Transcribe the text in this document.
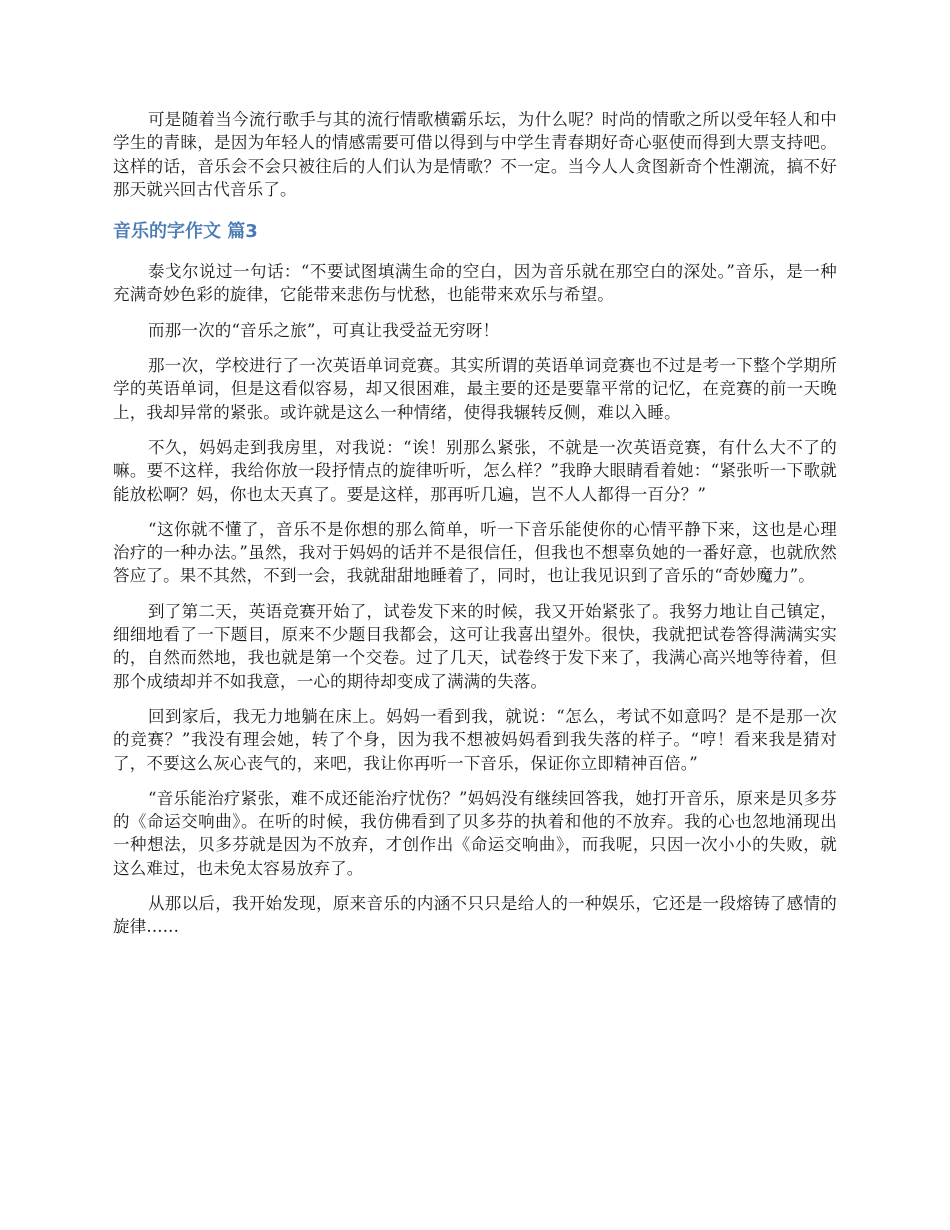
可是随着当今流行歌手与其的流行情歌横霸乐坛，为什么呢？时尚的情歌之所以受年轻人和中学生的青睐，是因为年轻人的情感需要可借以得到与中学生青春期好奇心驱使而得到大票支持吧。这样的话，音乐会不会只被往后的人们认为是情歌？不一定。当今人人贪图新奇个性潮流，搞不好那天就兴回古代音乐了。

音乐的字作文 篇3

泰戈尔说过一句话：“不要试图填满生命的空白，因为音乐就在那空白的深处。”音乐，是一种充满奇妙色彩的旋律，它能带来悲伤与忧愁，也能带来欢乐与希望。

而那一次的“音乐之旅”，可真让我受益无穷呀！

那一次，学校进行了一次英语单词竞赛。其实所谓的英语单词竞赛也不过是考一下整个学期所学的英语单词，但是这看似容易，却又很困难，最主要的还是要靠平常的记忆，在竞赛的前一天晚上，我却异常的紧张。或许就是这么一种情绪，使得我辗转反侧，难以入睡。

不久，妈妈走到我房里，对我说：“诶！别那么紧张，不就是一次英语竞赛，有什么大不了的嘛。要不这样，我给你放一段抒情点的旋律听听，怎么样？”我睁大眼睛看着她：“紧张听一下歌就能放松啊？妈，你也太天真了。要是这样，那再听几遍，岂不人人都得一百分？”

“这你就不懂了，音乐不是你想的那么简单，听一下音乐能使你的心情平静下来，这也是心理治疗的一种办法。”虽然，我对于妈妈的话并不是很信任，但我也不想辜负她的一番好意，也就欣然答应了。果不其然，不到一会，我就甜甜地睡着了，同时，也让我见识到了音乐的“奇妙魔力”。

到了第二天，英语竞赛开始了，试卷发下来的时候，我又开始紧张了。我努力地让自己镇定，细细地看了一下题目，原来不少题目我都会，这可让我喜出望外。很快，我就把试卷答得满满实实的，自然而然地，我也就是第一个交卷。过了几天，试卷终于发下来了，我满心高兴地等待着，但那个成绩却并不如我意，一心的期待却变成了满满的失落。

回到家后，我无力地躺在床上。妈妈一看到我，就说：“怎么，考试不如意吗？是不是那一次的竞赛？”我没有理会她，转了个身，因为我不想被妈妈看到我失落的样子。“哼！看来我是猜对了，不要这么灰心丧气的，来吧，我让你再听一下音乐，保证你立即精神百倍。”

“音乐能治疗紧张，难不成还能治疗忧伤？”妈妈没有继续回答我，她打开音乐，原来是贝多芬的《命运交响曲》。在听的时候，我仿佛看到了贝多芬的执着和他的不放弃。我的心也忽地涌现出一种想法，贝多芬就是因为不放弃，才创作出《命运交响曲》，而我呢，只因一次小小的失败，就这么难过，也未免太容易放弃了。

从那以后，我开始发现，原来音乐的内涵不只只是给人的一种娱乐，它还是一段熔铸了感情的旋律......
